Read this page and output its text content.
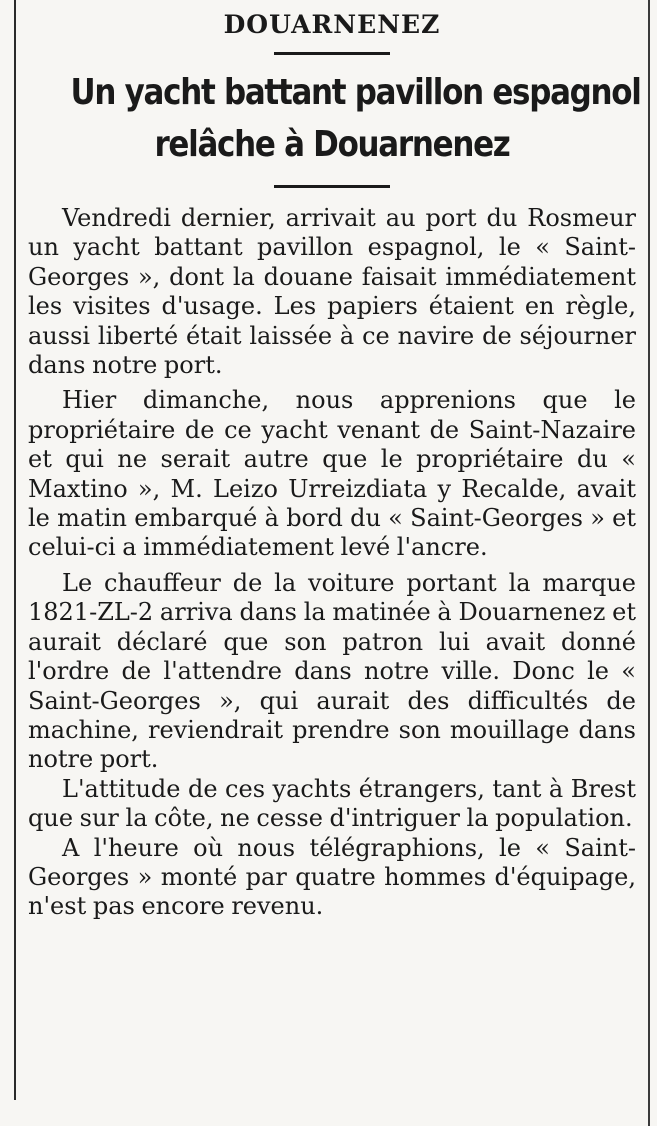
DOUARNENEZ
Un yacht battant pavillon espagnol
relâche à Douarnenez

Vendredi dernier, arrivait au port du Rosmeur un yacht battant pavillon espagnol, le « Saint-Georges », dont la douane faisait immédiatement les visites d'usage. Les papiers étaient en règle, aussi liberté était laissée à ce navire de séjourner dans notre port.

Hier dimanche, nous apprenions que le propriétaire de ce yacht venant de Saint-Nazaire et qui ne serait autre que le propriétaire du « Maxtino », M. Leizo Urreizdiata y Recalde, avait le matin embarqué à bord du « Saint-Georges » et celui-ci a immédiatement levé l'ancre.

Le chauffeur de la voiture portant la marque 1821-ZL-2 arriva dans la matinée à Douarnenez et aurait déclaré que son patron lui avait donné l'ordre de l'attendre dans notre ville. Donc le « Saint-Georges », qui aurait des difficultés de machine, reviendrait prendre son mouillage dans notre port.

L'attitude de ces yachts étrangers, tant à Brest que sur la côte, ne cesse d'intriguer la population.

A l'heure où nous télégraphions, le « Saint-Georges » monté par quatre hommes d'équipage, n'est pas encore revenu.
